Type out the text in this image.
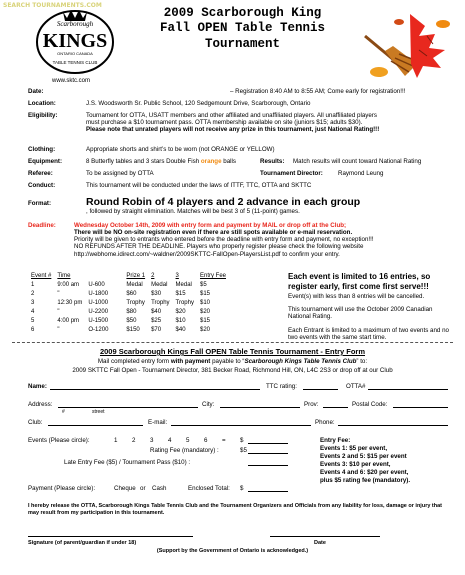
SEARCH TOURNAMENTS.COM
Scarborough
KINGS
ONTARIO CANADA
TABLE TENNIS CLUB
www.sktc.com
2009 Scarborough King
Fall OPEN Table Tennis
Tournament
Date:	– Registration 8:40 AM to 8:55 AM; Come early for registration!!!
Location:	J.S. Woodsworth Sr. Public School, 120 Sedgemount Drive, Scarborough, Ontario
Eligibility:	Tournament for OTTA, USATT members and other affiliated and unaffiliated players. All unaffiliated players
must purchase a $10 tournament pass. OTTA membership available on site (juniors $15; adults $30).
Please note that unrated players will not receive any prize in this tournament, just National Rating!!!
Clothing:	Appropriate shorts and shirt’s to be worn (not ORANGE or YELLOW)
Equipment:	8 Butterfly tables and 3 stars Double Fish orange balls	Results: Match results will count toward National Rating
Referee:	To be assigned by OTTA	Tournament Director: Raymond Leung
Conduct:	This tournament will be conducted under the laws of ITTF, TTC, OTTA and SKTTC
Format:	Round Robin of 4 players and 2 advance in each group
, followed by straight elimination. Matches will be best 3 of 5 (11-point) games.
Deadline:	Wednesday October 14th, 2009 with entry form and payment by MAIL or drop off at the Club;
There will be NO on-site registration even if there are still spots available or e-mail reservation.
Priority will be given to entrants who entered before the deadline with entry form and payment, no exception!!!
NO REFUNDS AFTER THE DEADLINE. Players who properly register please check the following website
http://webhome.idirect.com/~waldner/2009SKTTC-FallOpen-PlayersList.pdf to confirm your entry.
Event #	Time		Prize 1	2	3	Entry Fee
1	9:00 am	U-600	Medal	Medal	Medal	$5
2	"	U-1800	$60	$30	$15	$15
3	12:30 pm	U-1000	Trophy	Trophy	Trophy	$10
4	"	U-2200	$80	$40	$20	$20
5	4:00 pm	U-1500	$50	$25	$10	$15
6	"	O-1200	$150	$70	$40	$20
Each event is limited to 16 entries, so register early, first come first serve!!!
Event(s) with less than 8 entries will be cancelled.
This tournament will use the October 2009 Canadian National Rating.
Each Entrant is limited to a maximum of two events and no two events with the same start time.
2009 Scarborough Kings Fall OPEN Table Tennis Tournament - Entry Form
Mail completed entry form with payment payable to “Scarborough Kings Table Tennis Club” to:
2009 SKTTC Fall Open - Tournament Director, 381 Becker Road, Richmond Hill, ON, L4C 2S3 or drop off at our Club
Name:	TTC rating:	OTTA#
Address:	City:	Prov:	Postal Code:
#	street
Club:	E-mail:	Phone:
Events (Please circle):	1 2 3 4 5 6 = $
Rating Fee (mandatory) :	$5
Late Entry Fee ($5) / Tournament Pass ($10) :
Entry Fee:
Events 1: $5 per event,
Events 2 and 5: $15 per event
Events 3: $10 per event,
Events 4 and 6: $20 per event,
plus $5 rating fee (mandatory).
Payment (Please circle):	Cheque or Cash	Enclosed Total: $
I hereby release the OTTA, Scarborough Kings Table Tennis Club and the Tournament Organizers and Officials from any liability for loss, damage or injury that may result from my participation in this tournament.
Signature (of parent/guardian if under 18)	Date
(Support by the Government of Ontario is acknowledged.)
